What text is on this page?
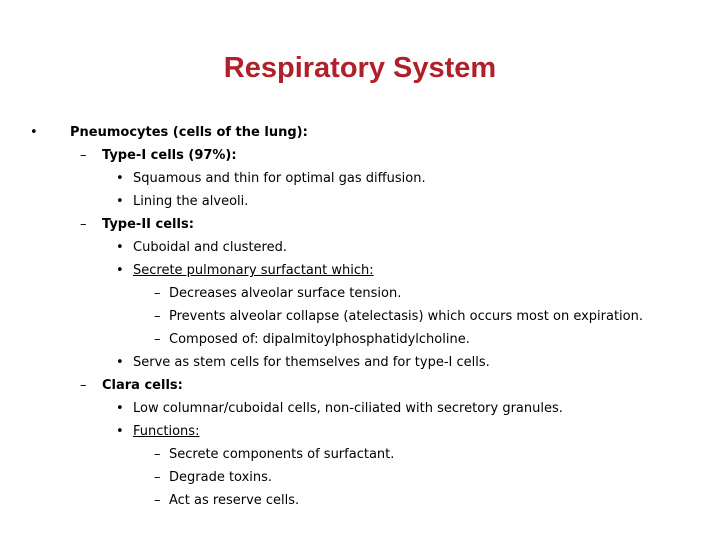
Respiratory System
• Pneumocytes (cells of the lung):
– Type-I cells (97%):
• Squamous and thin for optimal gas diffusion.
• Lining the alveoli.
– Type-II cells:
• Cuboidal and clustered.
• Secrete pulmonary surfactant which:
– Decreases alveolar surface tension.
– Prevents alveolar collapse (atelectasis) which occurs most on expiration.
– Composed of: dipalmitoylphosphatidylcholine.
• Serve as stem cells for themselves and for type-I cells.
– Clara cells:
• Low columnar/cuboidal cells, non-ciliated with secretory granules.
• Functions:
– Secrete components of surfactant.
– Degrade toxins.
– Act as reserve cells.
